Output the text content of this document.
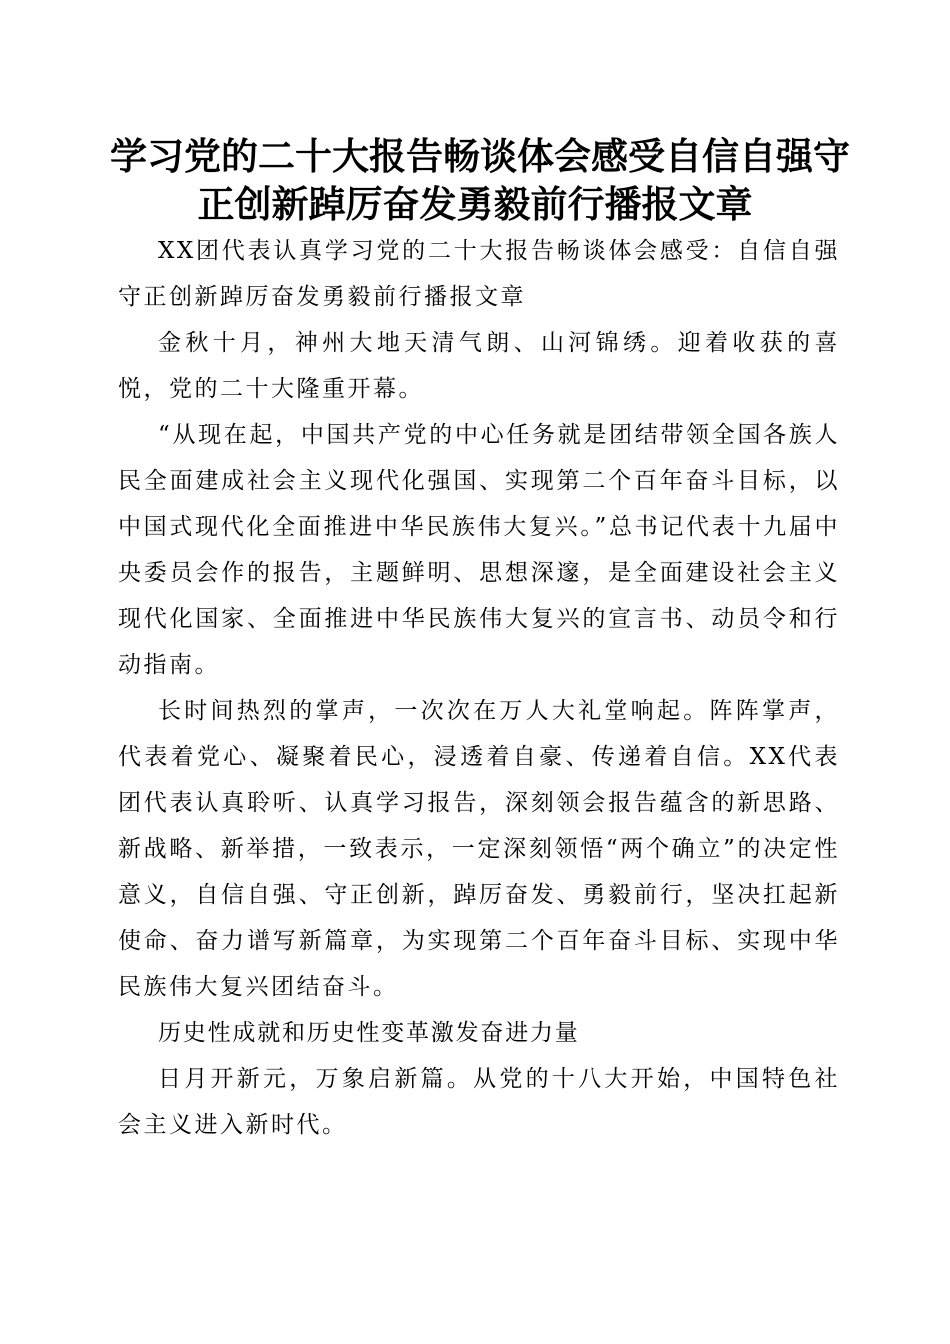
学习党的二十大报告畅谈体会感受自信自强守
正创新踔厉奋发勇毅前行播报文章

XX团代表认真学习党的二十大报告畅谈体会感受：自信自强守正创新踔厉奋发勇毅前行播报文章

金秋十月，神州大地天清气朗、山河锦绣。迎着收获的喜悦，党的二十大隆重开幕。

“从现在起，中国共产党的中心任务就是团结带领全国各族人民全面建成社会主义现代化强国、实现第二个百年奋斗目标，以中国式现代化全面推进中华民族伟大复兴。”总书记代表十九届中央委员会作的报告，主题鲜明、思想深邃，是全面建设社会主义现代化国家、全面推进中华民族伟大复兴的宣言书、动员令和行动指南。

长时间热烈的掌声，一次次在万人大礼堂响起。阵阵掌声，代表着党心、凝聚着民心，浸透着自豪、传递着自信。XX代表团代表认真聆听、认真学习报告，深刻领会报告蕴含的新思路、新战略、新举措，一致表示，一定深刻领悟“两个确立”的决定性意义，自信自强、守正创新，踔厉奋发、勇毅前行，坚决扛起新使命、奋力谱写新篇章，为实现第二个百年奋斗目标、实现中华民族伟大复兴团结奋斗。

历史性成就和历史性变革激发奋进力量

日月开新元，万象启新篇。从党的十八大开始，中国特色社会主义进入新时代。
